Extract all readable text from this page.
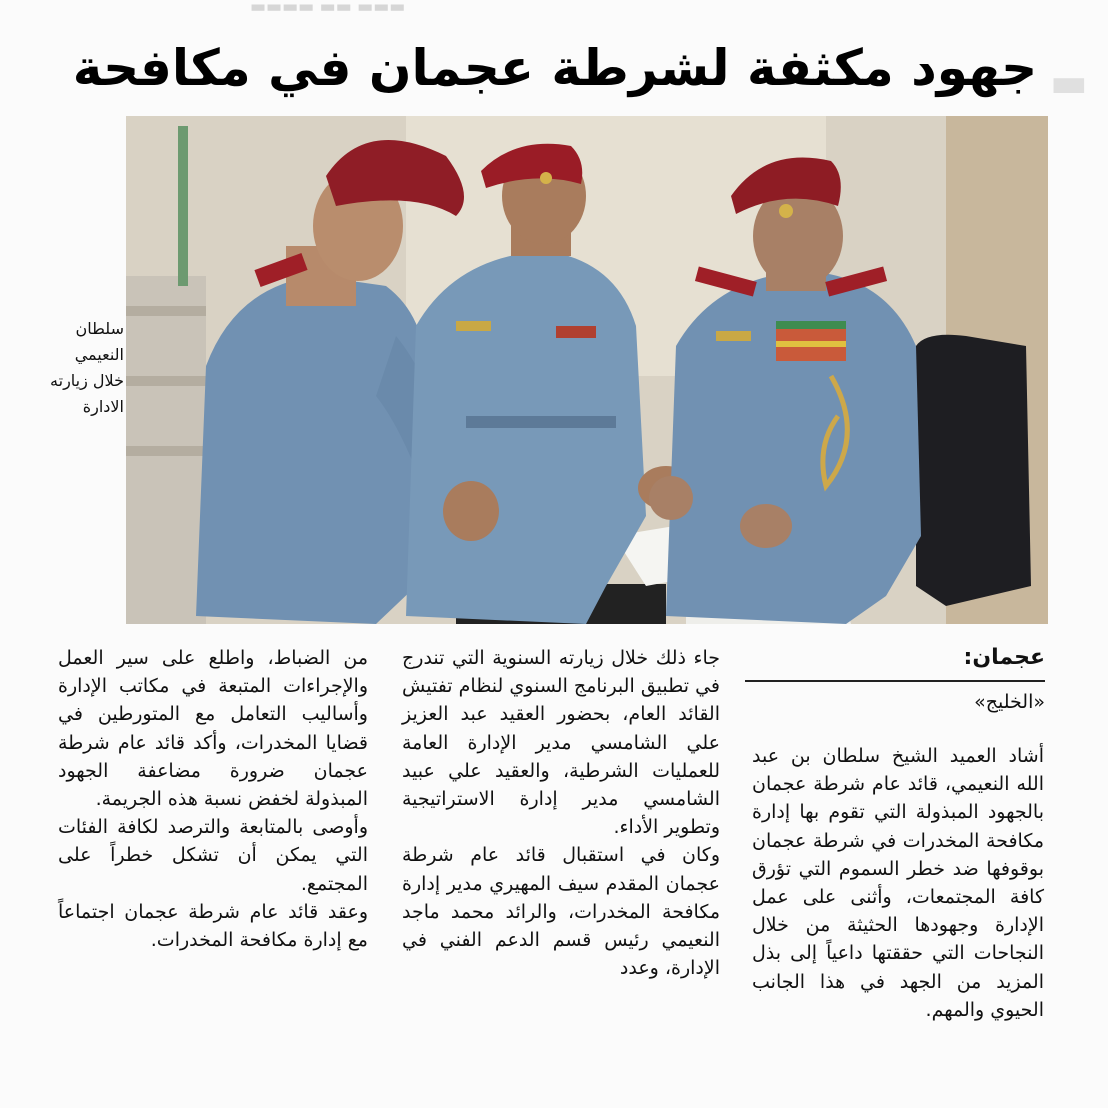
▬▬▬ ▬▬ ▬▬▬▬
▬
جهود مكثفة لشرطة عجمان في مكافحة
سلطان النعيمي خلال زيارته الادارة
عجمان:
«الخليج»

أشاد العميد الشيخ سلطان بن عبد الله النعيمي، قائد عام شرطة عجمان بالجهود المبذولة التي تقوم بها إدارة مكافحة المخدرات في شرطة عجمان بوقوفها ضد خطر السموم التي تؤرق كافة المجتمعات، وأثنى على عمل الإدارة وجهودها الحثيثة من خلال النجاحات التي حققتها داعياً إلى بذل المزيد من الجهد في هذا الجانب الحيوي والمهم.

جاء ذلك خلال زيارته السنوية التي تندرج في تطبيق البرنامج السنوي لنظام تفتيش القائد العام، بحضور العقيد عبد العزيز علي الشامسي مدير الإدارة العامة للعمليات الشرطية، والعقيد علي عبيد الشامسي مدير إدارة الاستراتيجية وتطوير الأداء.

وكان في استقبال قائد عام شرطة عجمان المقدم سيف المهيري مدير إدارة مكافحة المخدرات، والرائد محمد ماجد النعيمي رئيس قسم الدعم الفني في الإدارة، وعدد

من الضباط، واطلع على سير العمل والإجراءات المتبعة في مكاتب الإدارة وأساليب التعامل مع المتورطين في قضايا المخدرات، وأكد قائد عام شرطة عجمان ضرورة مضاعفة الجهود المبذولة لخفض نسبة هذه الجريمة.

وأوصى بالمتابعة والترصد لكافة الفئات التي يمكن أن تشكل خطراً على المجتمع.

وعقد قائد عام شرطة عجمان اجتماعاً مع إدارة مكافحة المخدرات.
